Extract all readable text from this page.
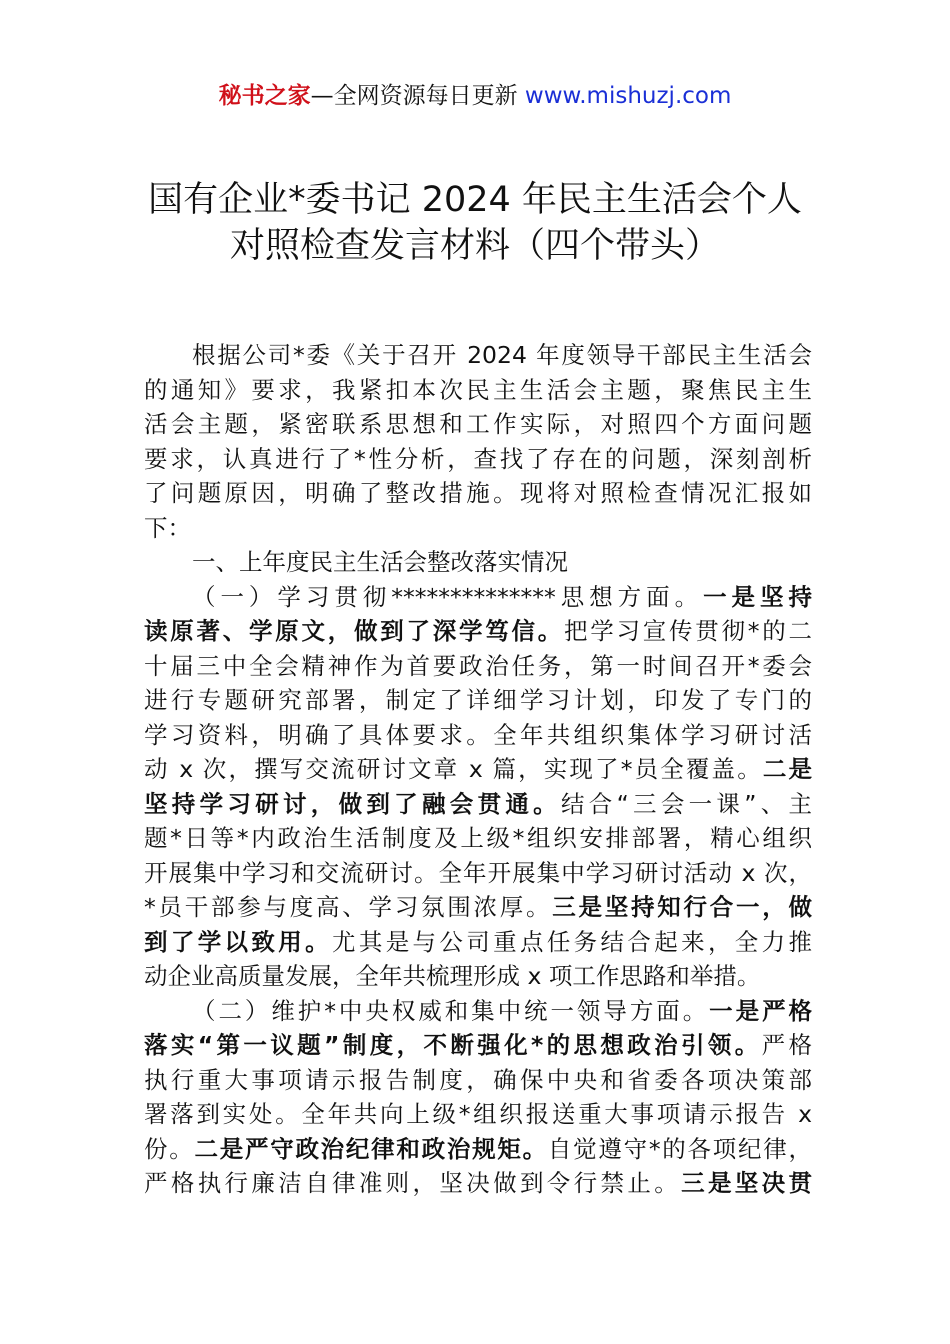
秘书之家—全网资源每日更新 www.mishuzj.com
国有企业*委书记 2024 年民主生活会个人
对照检查发言材料（四个带头）
根据公司*委《关于召开 2024 年度领导干部民主生活会
的通知》要求，我紧扣本次民主生活会主题，聚焦民主生
活会主题，紧密联系思想和工作实际，对照四个方面问题
要求，认真进行了*性分析，查找了存在的问题，深刻剖析
了问题原因，明确了整改措施。现将对照检查情况汇报如
下：
一、上年度民主生活会整改落实情况
（一）学习贯彻**************思想方面。一是坚持
读原著、学原文，做到了深学笃信。把学习宣传贯彻*的二
十届三中全会精神作为首要政治任务，第一时间召开*委会
进行专题研究部署，制定了详细学习计划，印发了专门的
学习资料，明确了具体要求。全年共组织集体学习研讨活
动 x 次，撰写交流研讨文章 x 篇，实现了*员全覆盖。二是
坚持学习研讨，做到了融会贯通。结合“三会一课”、主
题*日等*内政治生活制度及上级*组织安排部署，精心组织
开展集中学习和交流研讨。全年开展集中学习研讨活动 x 次，
*员干部参与度高、学习氛围浓厚。三是坚持知行合一，做
到了学以致用。尤其是与公司重点任务结合起来，全力推
动企业高质量发展，全年共梳理形成 x 项工作思路和举措。
（二）维护*中央权威和集中统一领导方面。一是严格
落实“第一议题”制度，不断强化*的思想政治引领。严格
执行重大事项请示报告制度，确保中央和省委各项决策部
署落到实处。全年共向上级*组织报送重大事项请示报告 x
份。二是严守政治纪律和政治规矩。自觉遵守*的各项纪律，
严格执行廉洁自律准则，坚决做到令行禁止。三是坚决贯
